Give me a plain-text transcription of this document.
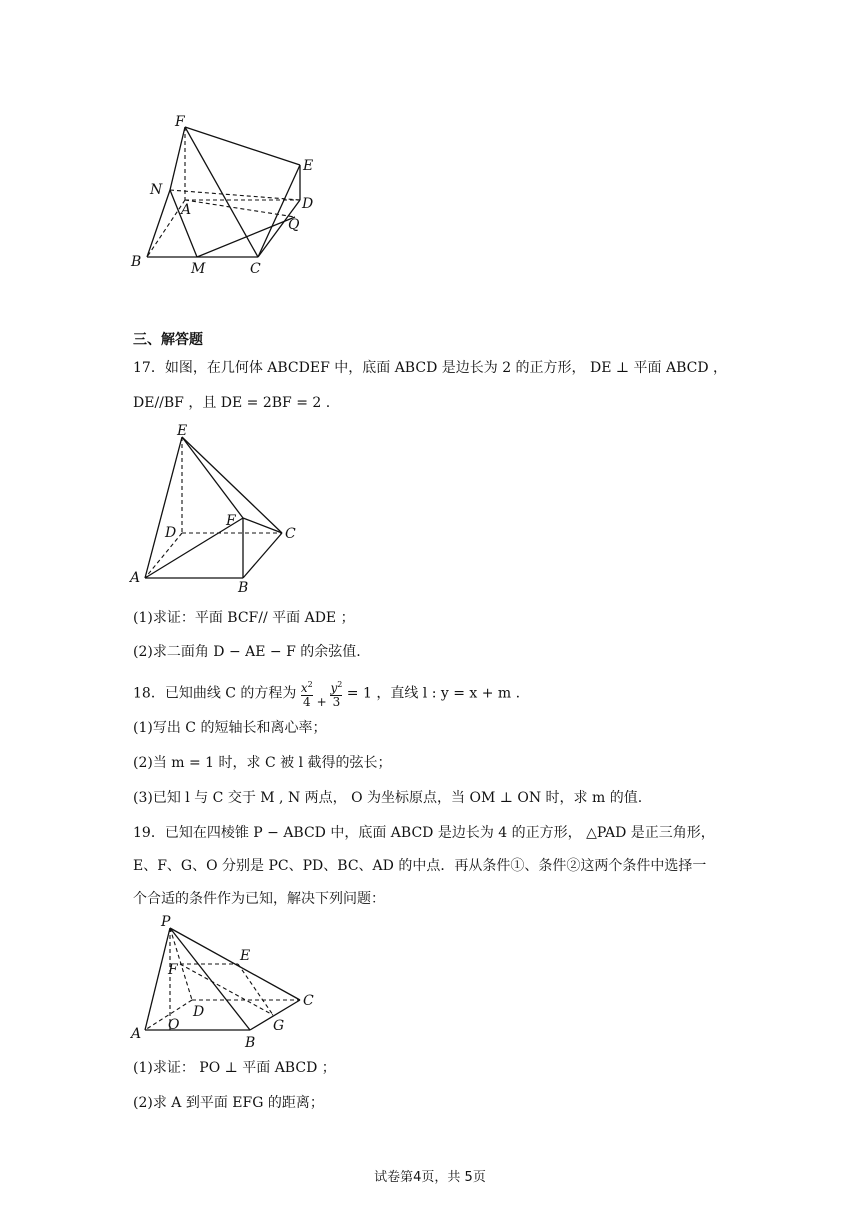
F
E
N
A	D
Q
B	M	C
三、解答题
17．如图，在几何体 ABCDEF 中，底面 ABCD 是边长为 2 的正方形， DE ⊥ 平面 ABCD ，
DE//BF ，且 DE = 2BF = 2 .
E
F
D	C
A
B
(1)求证：平面 BCF// 平面 ADE ；
(2)求二面角 D − AE − F 的余弦值.
18．已知曲线 C 的方程为 $x^2$

$4 + y^2$

3
= 1 ，直线 l : y = x + m .
(1)写出 C 的短轴长和离心率；
(2)当 m = 1 时，求 C 被 l 截得的弦长；
(3)已知 l 与 C 交于 M , N 两点， O 为坐标原点，当 OM ⊥ ON 时，求 m 的值.
19．已知在四棱锥 P − ABCD 中，底面 ABCD 是边长为 4 的正方形， △PAD 是正三角形，
E、F、G、O 分别是 PC、PD、BC、AD 的中点．再从条件①、条件②这两个条件中选择一
个合适的条件作为已知，解决下列问题：
P
E
F
C
D
A
O	G
B
(1)求证： PO ⊥ 平面 ABCD ；
(2)求 A 到平面 EFG 的距离；
试卷第4页，共 5页
